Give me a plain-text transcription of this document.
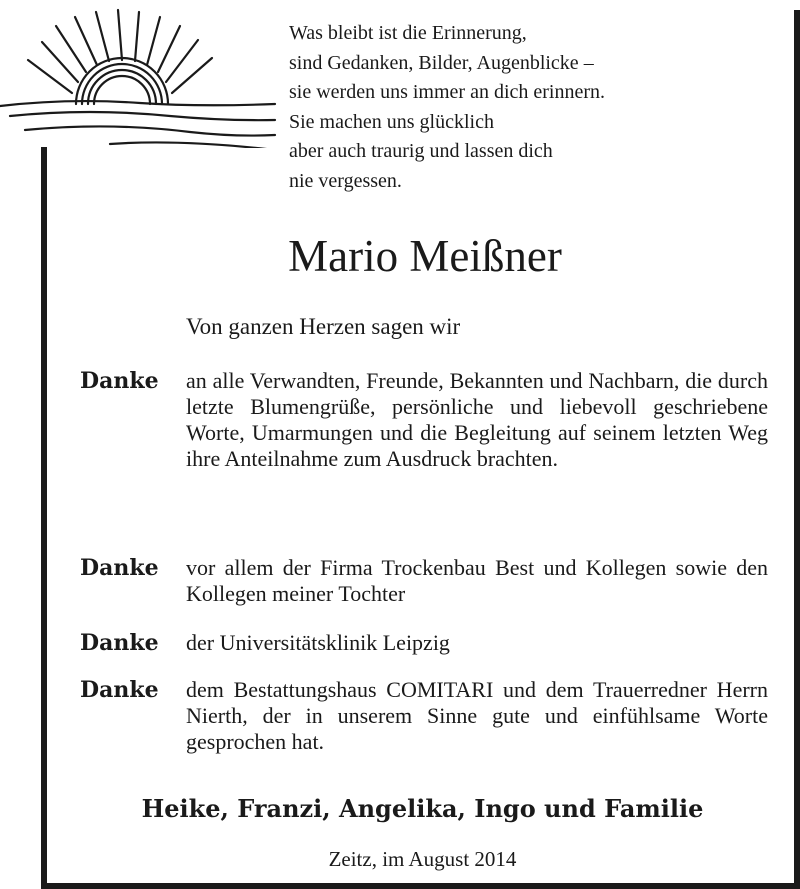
Was bleibt ist die Erinnerung,
sind Gedanken, Bilder, Augenblicke –
sie werden uns immer an dich erinnern.
Sie machen uns glücklich
aber auch traurig und lassen dich
nie vergessen.
Mario Meißner
Von ganzen Herzen sagen wir
Danke an alle Verwandten, Freunde, Bekannten und Nachbarn, die durch letzte Blumengrüße, persönliche und liebevoll geschriebene Worte, Umarmungen und die Begleitung auf seinem letzten Weg ihre Anteilnahme zum Ausdruck brachten.
Danke vor allem der Firma Trockenbau Best und Kollegen sowie den Kollegen meiner Tochter
Danke der Universitätsklinik Leipzig
Danke dem Bestattungshaus COMITARI und dem Trauerredner Herrn Nierth, der in unserem Sinne gute und einfühlsame Worte gesprochen hat.
Heike, Franzi, Angelika, Ingo und Familie
Zeitz, im August 2014
